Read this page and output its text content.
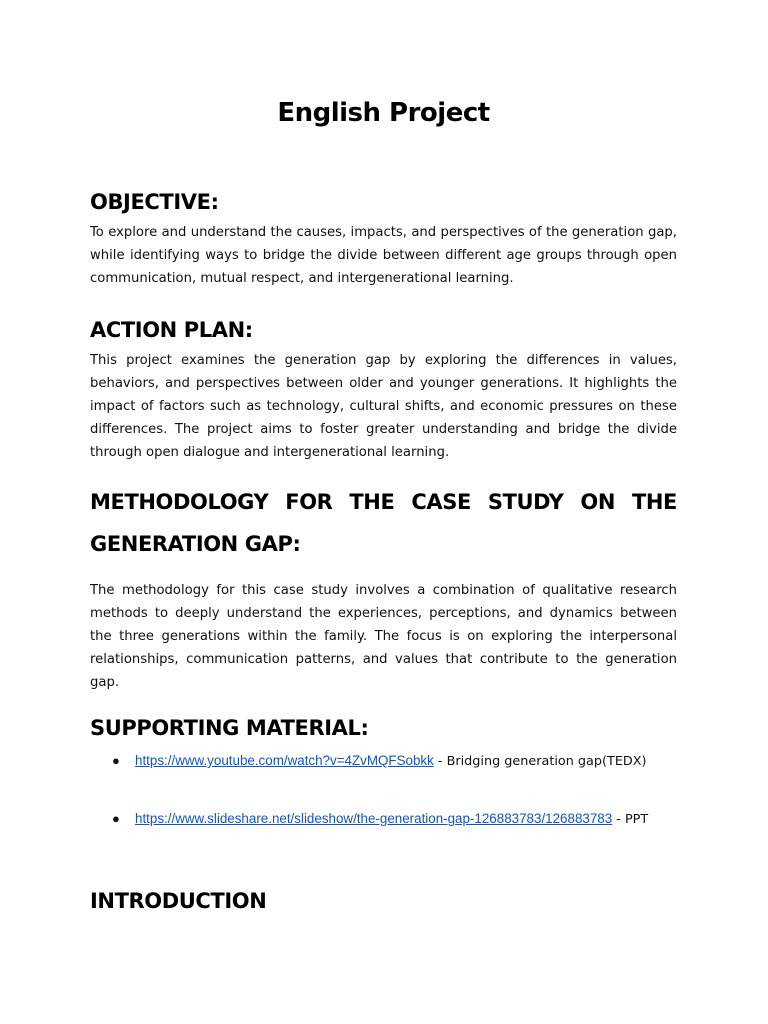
English Project
OBJECTIVE:

To explore and understand the causes, impacts, and perspectives of the generation gap, while identifying ways to bridge the divide between different age groups through open communication, mutual respect, and intergenerational learning.

ACTION PLAN:

This project examines the generation gap by exploring the differences in values, behaviors, and perspectives between older and younger generations. It highlights the impact of factors such as technology, cultural shifts, and economic pressures on these differences. The project aims to foster greater understanding and bridge the divide through open dialogue and intergenerational learning.

METHODOLOGY FOR THE CASE STUDY ON THE
GENERATION GAP:

The methodology for this case study involves a combination of qualitative research methods to deeply understand the experiences, perceptions, and dynamics between the three generations within the family. The focus is on exploring the interpersonal relationships, communication patterns, and values that contribute to the generation gap.

SUPPORTING MATERIAL:
● https://www.youtube.com/watch?v=4ZvMQFSobkk - Bridging generation gap(TEDX)
● https://www.slideshare.net/slideshow/the-generation-gap-126883783/126883783 - PPT
INTRODUCTION
